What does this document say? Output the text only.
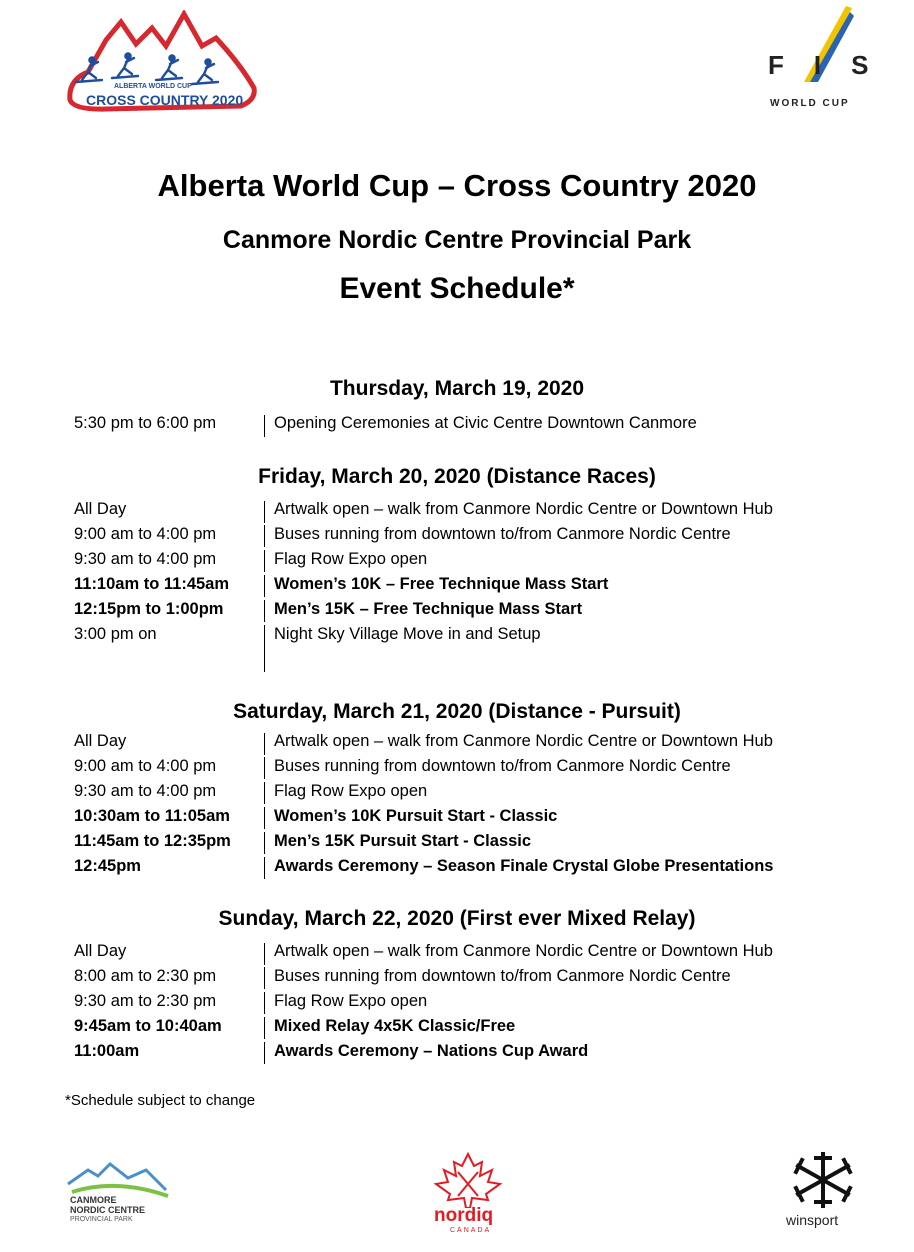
ALBERTA WORLD CUP
CROSS COUNTRY 2020
FIS
WORLD CUP
Alberta World Cup – Cross Country 2020
Canmore Nordic Centre Provincial Park
Event Schedule*
Thursday, March 19, 2020
5:30 pm to 6:00 pm	Opening Ceremonies at Civic Centre Downtown Canmore
Friday, March 20, 2020 (Distance Races)
All Day	Artwalk open – walk from Canmore Nordic Centre or Downtown Hub
9:00 am to 4:00 pm	Buses running from downtown to/from Canmore Nordic Centre
9:30 am to 4:00 pm	Flag Row Expo open
11:10am to 11:45am	Women’s 10K – Free Technique Mass Start
12:15pm to 1:00pm	Men’s 15K – Free Technique Mass Start
3:00 pm on	Night Sky Village Move in and Setup
Saturday, March 21, 2020 (Distance - Pursuit)
All Day	Artwalk open – walk from Canmore Nordic Centre or Downtown Hub
9:00 am to 4:00 pm	Buses running from downtown to/from Canmore Nordic Centre
9:30 am to 4:00 pm	Flag Row Expo open
10:30am to 11:05am	Women’s 10K Pursuit Start - Classic
11:45am to 12:35pm	Men’s 15K Pursuit Start - Classic
12:45pm	Awards Ceremony – Season Finale Crystal Globe Presentations
Sunday, March 22, 2020 (First ever Mixed Relay)
All Day	Artwalk open – walk from Canmore Nordic Centre or Downtown Hub
8:00 am to 2:30 pm	Buses running from downtown to/from Canmore Nordic Centre
9:30 am to 2:30 pm	Flag Row Expo open
9:45am to 10:40am	Mixed Relay 4x5K Classic/Free
11:00am	Awards Ceremony – Nations Cup Award
*Schedule subject to change
CANMORE
NORDIC CENTRE
PROVINCIAL PARK	nordiq
CANADA
winsport
